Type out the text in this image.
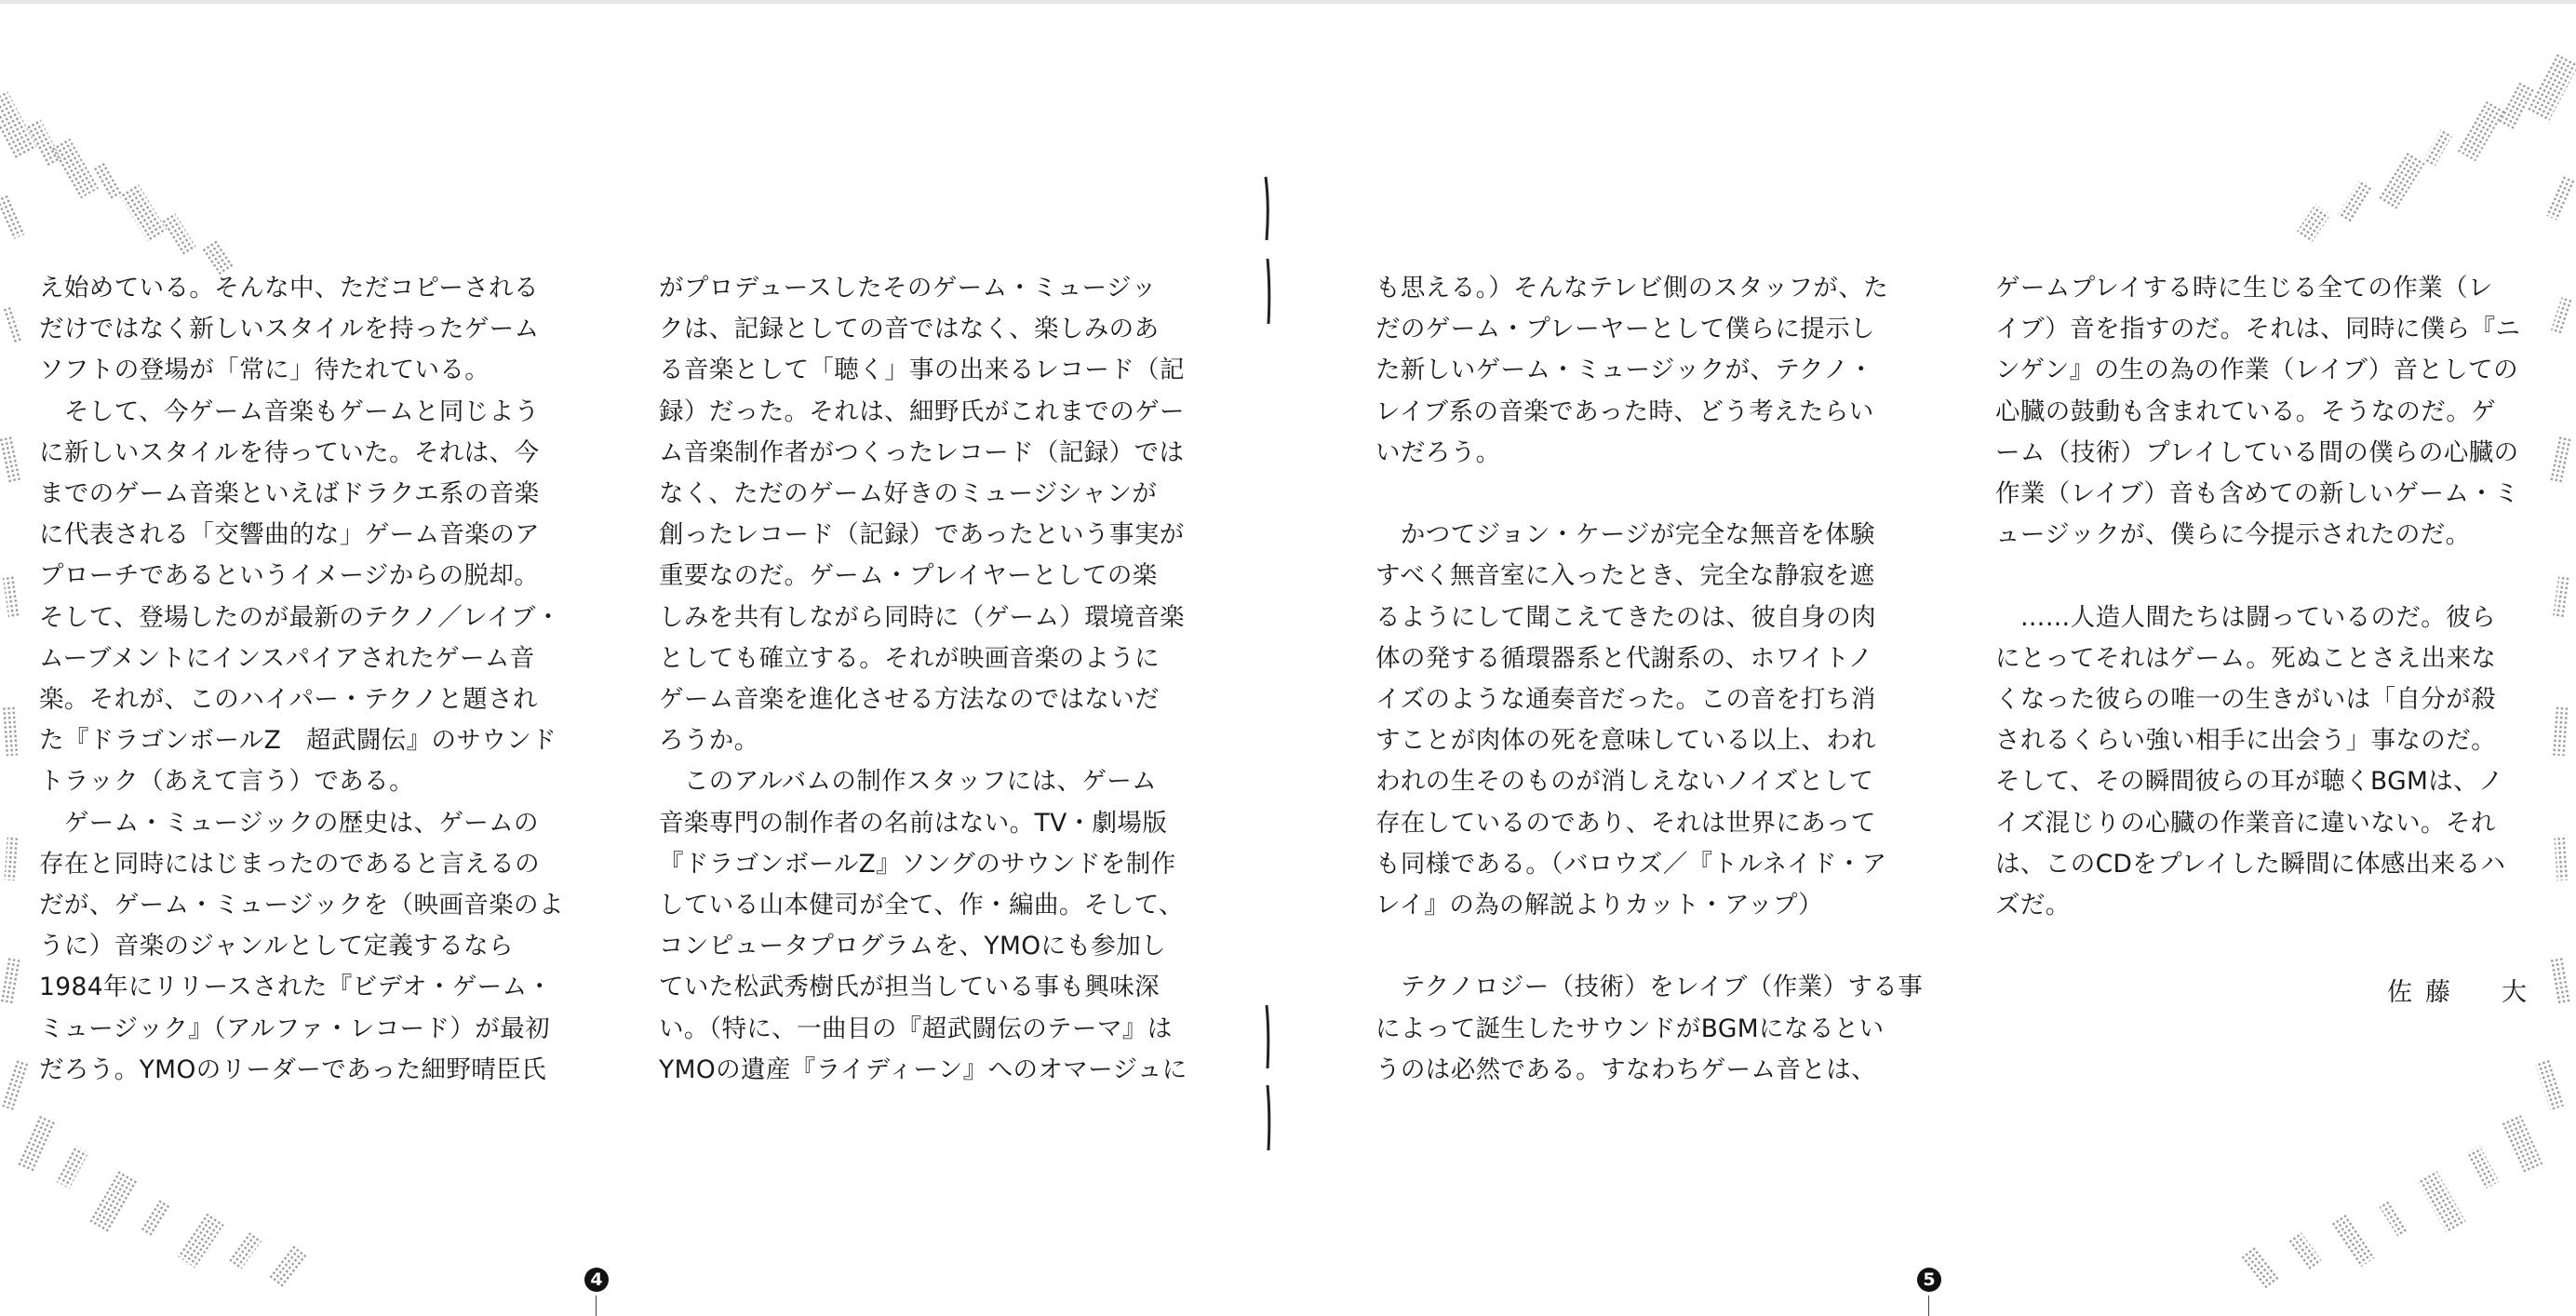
え始めている。そんな中、ただコピーされる
だけではなく新しいスタイルを持ったゲーム
ソフトの登場が「常に」待たれている。
　そして、今ゲーム音楽もゲームと同じよう
に新しいスタイルを待っていた。それは、今
までのゲーム音楽といえばドラクエ系の音楽
に代表される「交響曲的な」ゲーム音楽のア
プローチであるというイメージからの脱却。
そして、登場したのが最新のテクノ／レイブ・
ムーブメントにインスパイアされたゲーム音
楽。それが、このハイパー・テクノと題され
た『ドラゴンボールZ　超武闘伝』のサウンド
トラック（あえて言う）である。
　ゲーム・ミュージックの歴史は、ゲームの
存在と同時にはじまったのであると言えるの
だが、ゲーム・ミュージックを（映画音楽のよ
うに）音楽のジャンルとして定義するなら
1984年にリリースされた『ビデオ・ゲーム・
ミュージック』（アルファ・レコード）が最初
だろう。YMOのリーダーであった細野晴臣氏
がプロデュースしたそのゲーム・ミュージッ
クは、記録としての音ではなく、楽しみのあ
る音楽として「聴く」事の出来るレコード（記
録）だった。それは、細野氏がこれまでのゲー
ム音楽制作者がつくったレコード（記録）では
なく、ただのゲーム好きのミュージシャンが
創ったレコード（記録）であったという事実が
重要なのだ。ゲーム・プレイヤーとしての楽
しみを共有しながら同時に（ゲーム）環境音楽
としても確立する。それが映画音楽のように
ゲーム音楽を進化させる方法なのではないだ
ろうか。
　このアルバムの制作スタッフには、ゲーム
音楽専門の制作者の名前はない。TV・劇場版
『ドラゴンボールZ』ソングのサウンドを制作
している山本健司が全て、作・編曲。そして、
コンピュータプログラムを、YMOにも参加し
ていた松武秀樹氏が担当している事も興味深
い。（特に、一曲目の『超武闘伝のテーマ』は
YMOの遺産『ライディーン』へのオマージュに
も思える。）そんなテレビ側のスタッフが、た
だのゲーム・プレーヤーとして僕らに提示し
た新しいゲーム・ミュージックが、テクノ・
レイブ系の音楽であった時、どう考えたらい
いだろう。

　かつてジョン・ケージが完全な無音を体験
すべく無音室に入ったとき、完全な静寂を遮
るようにして聞こえてきたのは、彼自身の肉
体の発する循環器系と代謝系の、ホワイトノ
イズのような通奏音だった。この音を打ち消
すことが肉体の死を意味している以上、われ
われの生そのものが消しえないノイズとして
存在しているのであり、それは世界にあって
も同様である。（バロウズ／『トルネイド・ア
レイ』の為の解説よりカット・アップ）

　テクノロジー（技術）をレイブ（作業）する事
によって誕生したサウンドがBGMになるとい
うのは必然である。すなわちゲーム音とは、
ゲームプレイする時に生じる全ての作業（レ
イブ）音を指すのだ。それは、同時に僕ら『ニ
ンゲン』の生の為の作業（レイブ）音としての
心臓の鼓動も含まれている。そうなのだ。ゲ
ーム（技術）プレイしている間の僕らの心臓の
作業（レイブ）音も含めての新しいゲーム・ミ
ュージックが、僕らに今提示されたのだ。

　……人造人間たちは闘っているのだ。彼ら
にとってそれはゲーム。死ぬことさえ出来な
くなった彼らの唯一の生きがいは「自分が殺
されるくらい強い相手に出会う」事なのだ。
そして、その瞬間彼らの耳が聴くBGMは、ノ
イズ混じりの心臓の作業音に違いない。それ
は、このCDをプレイした瞬間に体感出来るハ
ズだ。
佐藤　大
4	5
